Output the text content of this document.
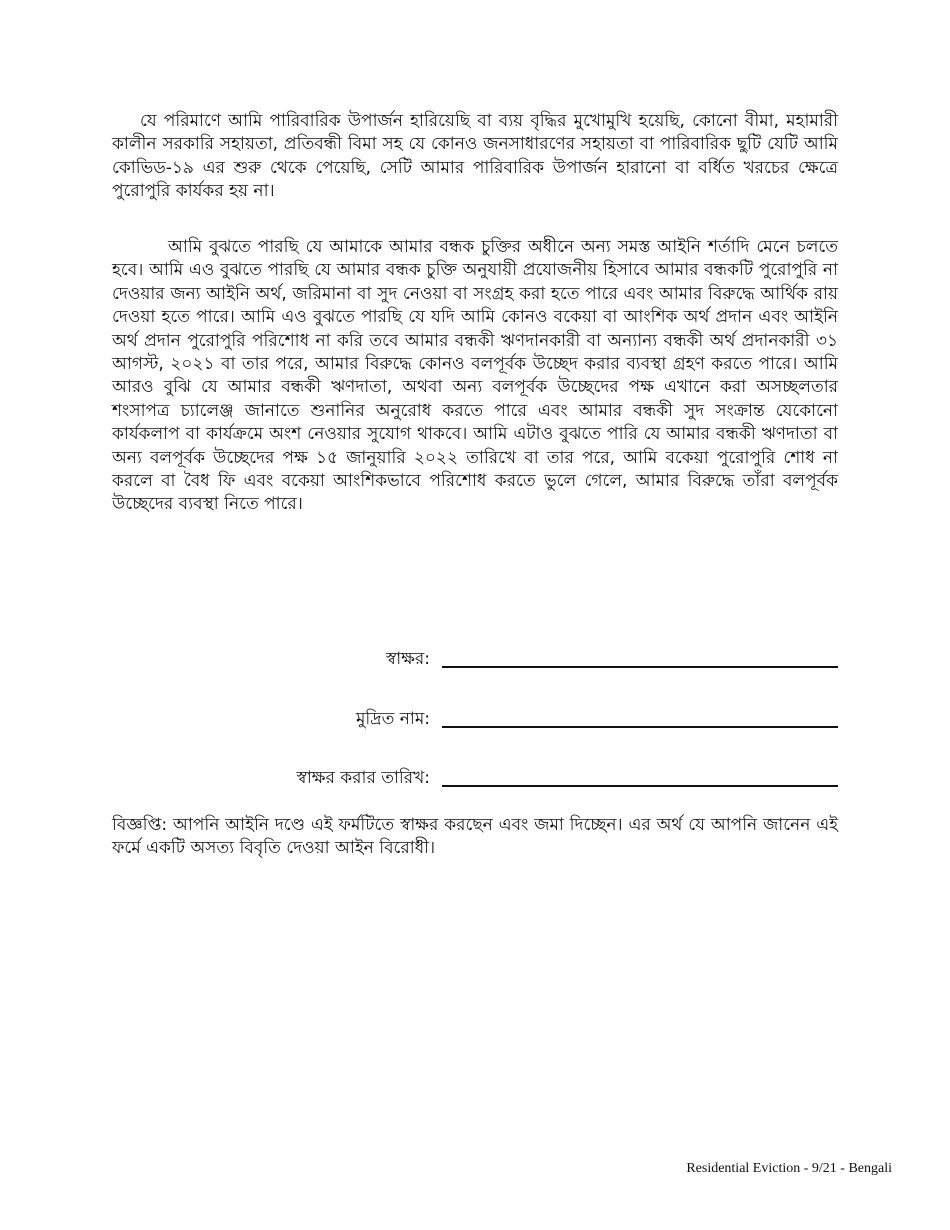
যে পরিমাণে আমি পারিবারিক উপার্জন হারিয়েছি বা ব্যয় বৃদ্ধির মুখোমুখি হয়েছি, কোনো বীমা, মহামারী কালীন সরকারি সহায়তা, প্রতিবন্ধী বিমা সহ যে কোনও জনসাধারণের সহায়তা বা পারিবারিক ছুটি যেটি আমি কোভিড-১৯ এর শুরু থেকে পেয়েছি, সেটি আমার পারিবারিক উপার্জন হারানো বা বর্ধিত খরচের ক্ষেত্রে পুরোপুরি কার্যকর হয় না।

আমি বুঝতে পারছি যে আমাকে আমার বন্ধক চুক্তির অধীনে অন্য সমস্ত আইনি শর্তাদি মেনে চলতে হবে। আমি এও বুঝতে পারছি যে আমার বন্ধক চুক্তি অনুযায়ী প্রযোজনীয় হিসাবে আমার বন্ধকটি পুরোপুরি না দেওয়ার জন্য আইনি অর্থ, জরিমানা বা সুদ নেওয়া বা সংগ্রহ করা হতে পারে এবং আমার বিরুদ্ধে আর্থিক রায় দেওয়া হতে পারে। আমি এও বুঝতে পারছি যে যদি আমি কোনও বকেয়া বা আংশিক অর্থ প্রদান এবং আইনি অর্থ প্রদান পুরোপুরি পরিশোধ না করি তবে আমার বন্ধকী ঋণদানকারী বা অন্যান্য বন্ধকী অর্থ প্রদানকারী ৩১ আগস্ট, ২০২১ বা তার পরে, আমার বিরুদ্ধে কোনও বলপূর্বক উচ্ছেদ করার ব্যবস্থা গ্রহণ করতে পারে। আমি আরও বুঝি যে আমার বন্ধকী ঋণদাতা, অথবা অন্য বলপূর্বক উচ্ছেদের পক্ষ এখানে করা অসচ্ছলতার শংসাপত্র চ্যালেঞ্জ জানাতে শুনানির অনুরোধ করতে পারে এবং আমার বন্ধকী সুদ সংক্রান্ত যেকোনো কার্যকলাপ বা কার্যক্রমে অংশ নেওয়ার সুযোগ থাকবে। আমি এটাও বুঝতে পারি যে আমার বন্ধকী ঋণদাতা বা অন্য বলপূর্বক উচ্ছেদের পক্ষ ১৫ জানুয়ারি ২০২২ তারিখে বা তার পরে, আমি বকেয়া পুরোপুরি শোধ না করলে বা বৈধ ফি এবং বকেয়া আংশিকভাবে পরিশোধ করতে ভুলে গেলে, আমার বিরুদ্ধে তাঁরা বলপূর্বক উচ্ছেদের ব্যবস্থা নিতে পারে।

স্বাক্ষর:
মুদ্রিত নাম:
স্বাক্ষর করার তারিখ:

বিজ্ঞপ্তি: আপনি আইনি দণ্ডে এই ফর্মটিতে স্বাক্ষর করছেন এবং জমা দিচ্ছেন। এর অর্থ যে আপনি জানেন এই ফর্মে একটি অসত্য বিবৃতি দেওয়া আইন বিরোধী।

Residential Eviction - 9/21 - Bengali
